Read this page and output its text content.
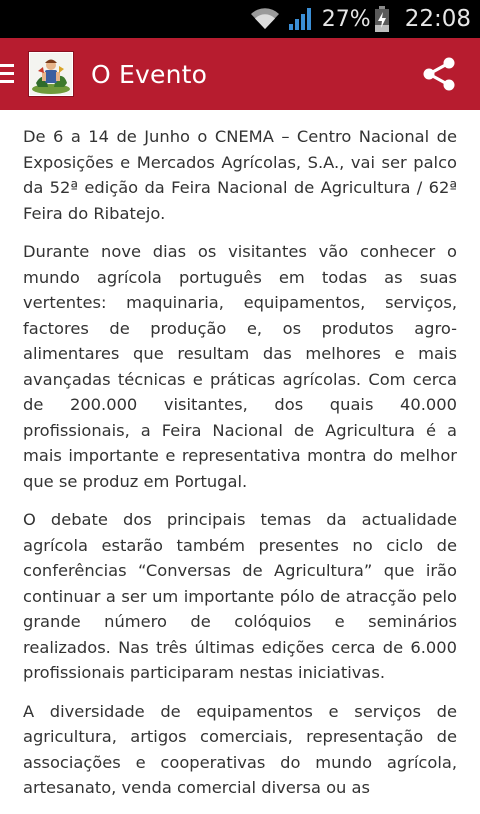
27% 22:08
O Evento

De 6 a 14 de Junho o CNEMA – Centro Nacional de Exposições e Mercados Agrícolas, S.A., vai ser palco da 52ª edição da Feira Nacional de Agricultura / 62ª Feira do Ribatejo.

Durante nove dias os visitantes vão conhecer o mundo agrícola português em todas as suas vertentes: maquinaria, equipamentos, serviços, factores de produção e, os produtos agro-alimentares que resultam das melhores e mais avançadas técnicas e práticas agrícolas. Com cerca de 200.000 visitantes, dos quais 40.000 profissionais, a Feira Nacional de Agricultura é a mais importante e representativa montra do melhor que se produz em Portugal.

O debate dos principais temas da actualidade agrícola estarão também presentes no ciclo de conferências “Conversas de Agricultura” que irão continuar a ser um importante pólo de atracção pelo grande número de colóquios e seminários realizados. Nas três últimas edições cerca de 6.000 profissionais participaram nestas iniciativas.

A diversidade de equipamentos e serviços de agricultura, artigos comerciais, representação de associações e cooperativas do mundo agrícola, artesanato, venda comercial diversa ou as
